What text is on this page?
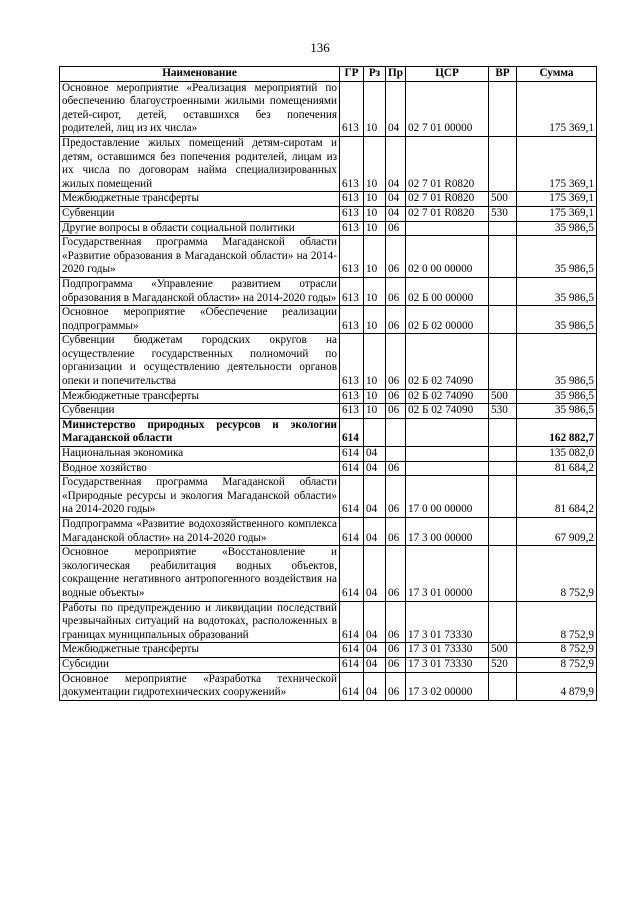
136
Наименование	ГР	Рз	Пр	ЦСР	ВР	Сумма
Основное мероприятие «Реализация мероприятий по обеспечению благоустроенными жилыми помещениями детей-сирот, детей, оставшихся без попечения родителей, лиц из их числа»	613	10	04	02 7 01 00000		175 369,1
Предоставление жилых помещений детям-сиротам и детям, оставшимся без попечения родителей, лицам из их числа по договорам найма специализированных жилых помещений	613	10	04	02 7 01 R0820		175 369,1
Межбюджетные трансферты	613	10	04	02 7 01 R0820	500	175 369,1
Субвенции	613	10	04	02 7 01 R0820	530	175 369,1
Другие вопросы в области социальной политики	613	10	06			35 986,5
Государственная программа Магаданской области «Развитие образования в Магаданской области» на 2014-2020 годы»	613	10	06	02 0 00 00000		35 986,5
Подпрограмма «Управление развитием отрасли образования в Магаданской области» на 2014-2020 годы»	613	10	06	02 Б 00 00000		35 986,5
Основное мероприятие «Обеспечение реализации подпрограммы»	613	10	06	02 Б 02 00000		35 986,5
Субвенции бюджетам городских округов на осуществление государственных полномочий по организации и осуществлению деятельности органов опеки и попечительства	613	10	06	02 Б 02 74090		35 986,5
Межбюджетные трансферты	613	10	06	02 Б 02 74090	500	35 986,5
Субвенции	613	10	06	02 Б 02 74090	530	35 986,5
Министерство природных ресурсов и экологии Магаданской области	614					162 882,7
Национальная экономика	614	04				135 082,0
Водное хозяйство	614	04	06			81 684,2
Государственная программа Магаданской области «Природные ресурсы и экология Магаданской области» на 2014-2020 годы»	614	04	06	17 0 00 00000		81 684,2
Подпрограмма «Развитие водохозяйственного комплекса Магаданской области» на 2014-2020 годы»	614	04	06	17 3 00 00000		67 909,2
Основное мероприятие «Восстановление и экологическая реабилитация водных объектов, сокращение негативного антропогенного воздействия на водные объекты»	614	04	06	17 3 01 00000		8 752,9
Работы по предупреждению и ликвидации последствий чрезвычайных ситуаций на водотоках, расположенных в границах муниципальных образований	614	04	06	17 3 01 73330		8 752,9
Межбюджетные трансферты	614	04	06	17 3 01 73330	500	8 752,9
Субсидии	614	04	06	17 3 01 73330	520	8 752,9
Основное мероприятие «Разработка технической документации гидротехнических сооружений»	614	04	06	17 3 02 00000		4 879,9
